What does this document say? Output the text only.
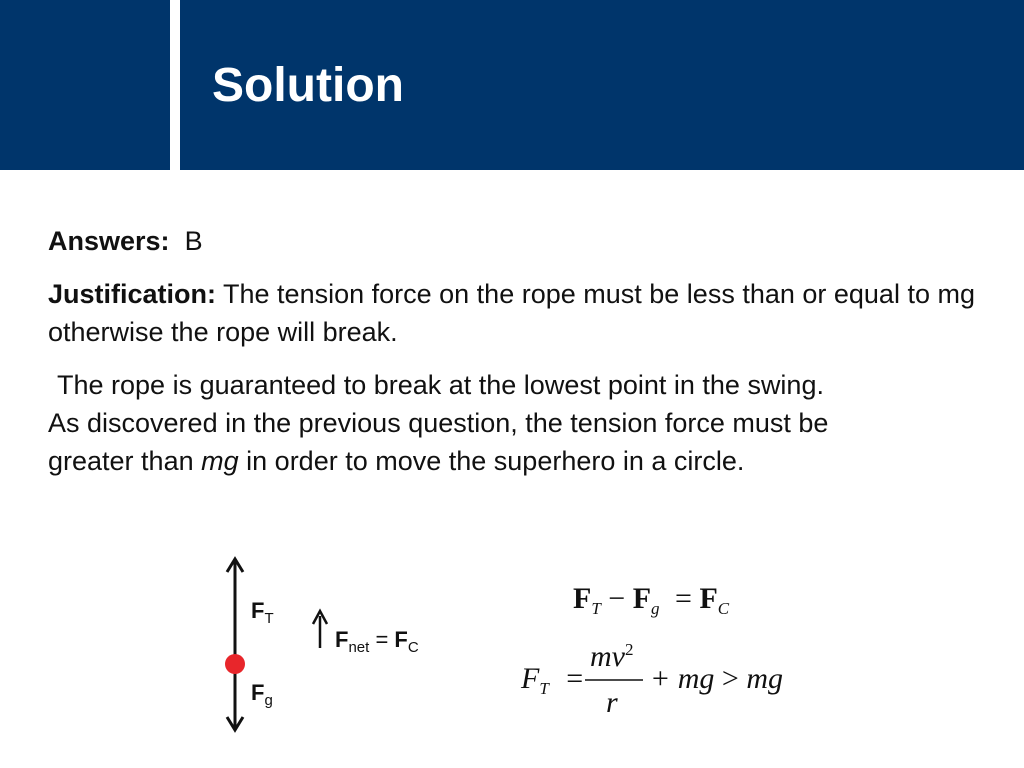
Solution

Answers: B

Justification: The tension force on the rope must be less than or equal to mg otherwise the rope will break.

The rope is guaranteed to break at the lowest point in the swing.
As discovered in the previous question, the tension force must be
greater than mg in order to move the superhero in a circle.

$F_T$
$F_g$
$F_{net} = F_C$
$F_T - F_g = F_C$
$F_T$ =
$mv^2$
r
+ mg > mg
